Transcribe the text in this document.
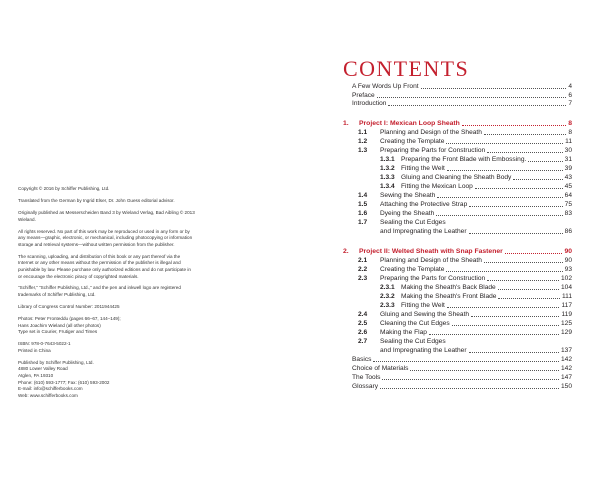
Copyright © 2016 by Schiffer Publishing, Ltd.

Translated from the German by Ingrid Elser, Dr. John Guess editorial advisor.

Originally published as Messerscheiden Band 3 by Wieland Verlag, Bad Aibling © 2013
Wieland.

All rights reserved. No part of this work may be reproduced or used in any form or by
any means—graphic, electronic, or mechanical, including photocopying or information
storage and retrieval systems—without written permission from the publisher.

The scanning, uploading, and distribution of this book or any part thereof via the
Internet or any other means without the permission of the publisher is illegal and
punishable by law. Please purchase only authorized editions and do not participate in
or encourage the electronic piracy of copyrighted materials.

"Schiffer," "Schiffer Publishing, Ltd.," and the pen and inkwell logo are registered
trademarks of Schiffer Publishing, Ltd.

Library of Congress Control Number: 2011944425

Photos: Peter Fronteddu (pages 66–67, 144–149);
Hans Joachim Wieland (all other photos)
Type set in Courier, Frutiger and Times

ISBN: 978-0-7643-5022-1
Printed in China

Published by Schiffer Publishing, Ltd.
4880 Lower Valley Road
Atglen, PA 19310
Phone: (610) 593-1777; Fax: (610) 593-2002
E-mail: info@schifferbooks.com
Web: www.schifferbooks.com

CONTENTS
A Few Words Up Front	4
Preface	6
Introduction	7
1.	Project I: Mexican Loop Sheath	8
1.1	Planning and Design of the Sheath	8
1.2	Creating the Template	11
1.3	Preparing the Parts for Construction	30
1.3.1 Preparing the Front Blade with Embossing.	31
1.3.2 Fitting the Welt	39
1.3.3 Gluing and Cleaning the Sheath Body	43
1.3.4 Fitting the Mexican Loop	45
1.4	Sewing the Sheath	64
1.5	Attaching the Protective Strap	75
1.6	Dyeing the Sheath	83
1.7	Sealing the Cut Edges
and Impregnating the Leather	86
2.	Project II: Welted Sheath with Snap Fastener	90
2.1	Planning and Design of the Sheath	90
2.2	Creating the Template	93
2.3	Preparing the Parts for Construction	102
2.3.1 Making the Sheath's Back Blade	104
2.3.2 Making the Sheath's Front Blade	111
2.3.3 Fitting the Welt	117
2.4	Gluing and Sewing the Sheath	119
2.5	Cleaning the Cut Edges	125
2.6	Making the Flap	129
2.7	Sealing the Cut Edges
and Impregnating the Leather	137
Basics	142
Choice of Materials	142
The Tools	147
Glossary	150
